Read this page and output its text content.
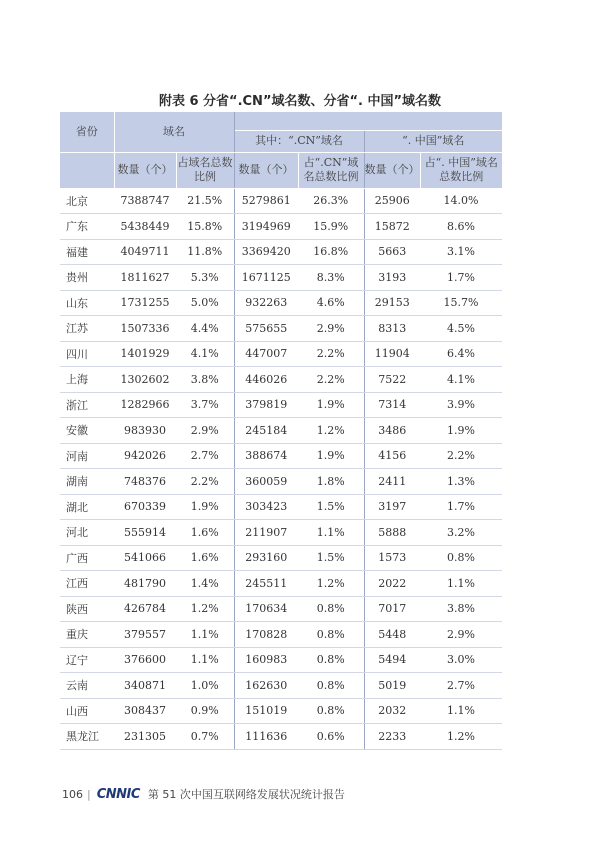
附表 6 分省“.CN”域名数、分省“. 中国”域名数
省份	域名					
			其中：“.CN”域名		“. 中国”域名	
	数量（个）	占域名总数比例	数量（个）	占“.CN”域名总数比例	数量（个）	占“. 中国”域名总数比例
北京	7388747	21.5%	5279861	26.3%	25906	14.0%
广东	5438449	15.8%	3194969	15.9%	15872	8.6%
福建	4049711	11.8%	3369420	16.8%	5663	3.1%
贵州	1811627	5.3%	1671125	8.3%	3193	1.7%
山东	1731255	5.0%	932263	4.6%	29153	15.7%
江苏	1507336	4.4%	575655	2.9%	8313	4.5%
四川	1401929	4.1%	447007	2.2%	11904	6.4%
上海	1302602	3.8%	446026	2.2%	7522	4.1%
浙江	1282966	3.7%	379819	1.9%	7314	3.9%
安徽	983930	2.9%	245184	1.2%	3486	1.9%
河南	942026	2.7%	388674	1.9%	4156	2.2%
湖南	748376	2.2%	360059	1.8%	2411	1.3%
湖北	670339	1.9%	303423	1.5%	3197	1.7%
河北	555914	1.6%	211907	1.1%	5888	3.2%
广西	541066	1.6%	293160	1.5%	1573	0.8%
江西	481790	1.4%	245511	1.2%	2022	1.1%
陕西	426784	1.2%	170634	0.8%	7017	3.8%
重庆	379557	1.1%	170828	0.8%	5448	2.9%
辽宁	376600	1.1%	160983	0.8%	5494	3.0%
云南	340871	1.0%	162630	0.8%	5019	2.7%
山西	308437	0.9%	151019	0.8%	2032	1.1%
黑龙江	231305	0.7%	111636	0.6%	2233	1.2%
106 | CNNIC 第 51 次中国互联网络发展状况统计报告
